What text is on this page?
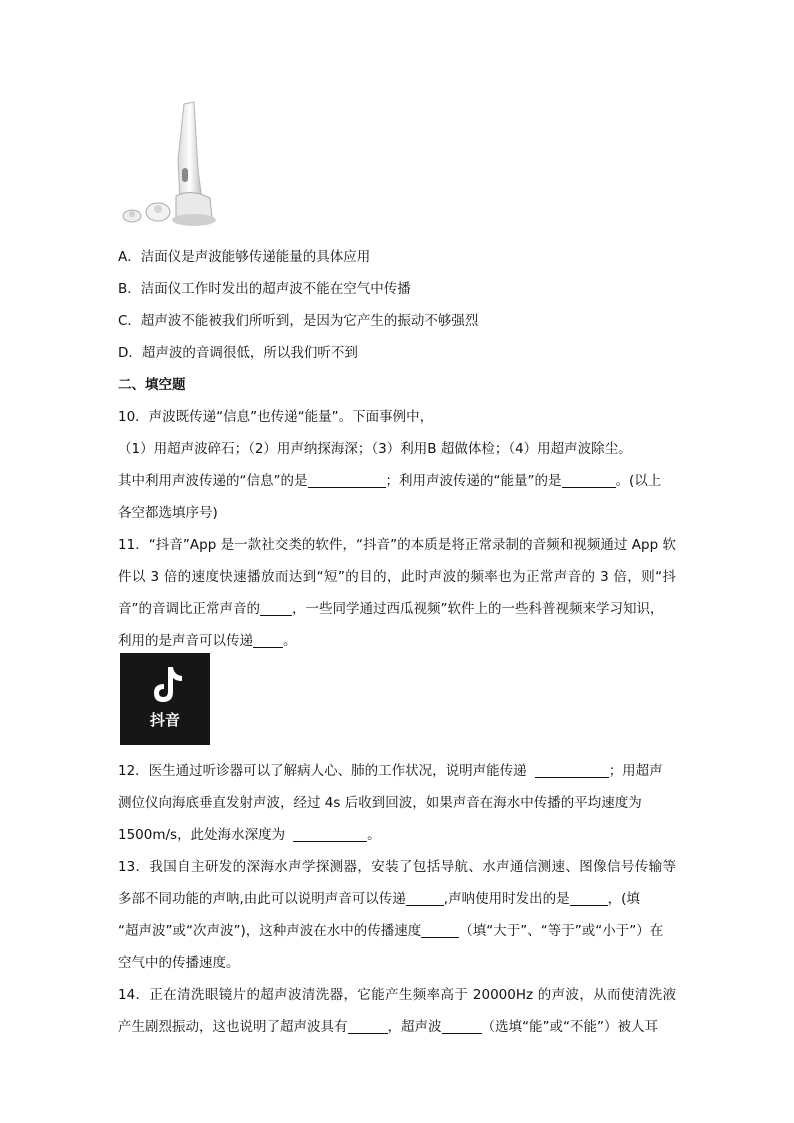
A．洁面仪是声波能够传递能量的具体应用
B．洁面仪工作时发出的超声波不能在空气中传播
C．超声波不能被我们所听到，是因为它产生的振动不够强烈
D．超声波的音调很低，所以我们听不到
二、填空题
10．声波既传递“信息”也传递“能量”。下面事例中，
（1）用超声波碎石；（2）用声纳探海深；（3）利用B 超做体检；（4）用超声波除尘。
其中利用声波传递的“信息”的是	；利用声波传递的“能量”的是	。(以上
各空都选填序号)
11．“抖音”App 是一款社交类的软件，“抖音”的本质是将正常录制的音频和视频通过 App 软
件以 3 倍的速度快速播放而达到“短”的目的，此时声波的频率也为正常声音的 3 倍，则“抖
音”的音调比正常声音的 ，一些同学通过西瓜视频”软件上的一些科普视频来学习知识，
利用的是声音可以传递 。
抖音
12．医生通过听诊器可以了解病人心、肺的工作状况，说明声能传递	；用超声
测位仪向海底垂直发射声波，经过 4s 后收到回波，如果声音在海水中传播的平均速度为
1500m/s，此处海水深度为	。
13．我国自主研发的深海水声学探测器，安装了包括导航、水声通信测速、图像信号传输等
多部不同功能的声呐,由此可以说明声音可以传递	,声呐使用时发出的是	，(填
“超声波”或“次声波”)，这种声波在水中的传播速度	（填“大于”、“等于”或“小于”）在
空气中的传播速度。
14．正在清洗眼镜片的超声波清洗器，它能产生频率高于 20000Hz 的声波，从而使清洗液
产生剧烈振动，这也说明了超声波具有	，超声波	（选填“能”或“不能”）被人耳
